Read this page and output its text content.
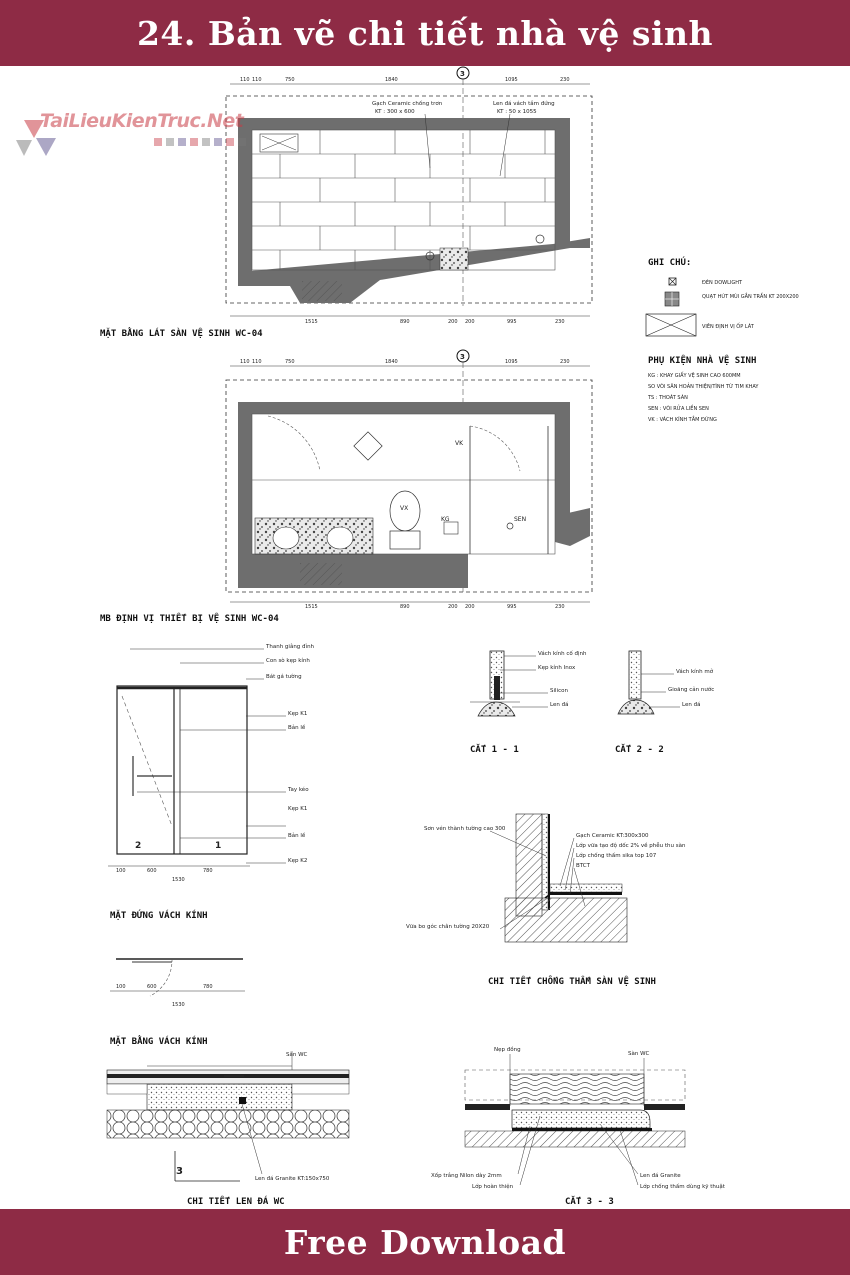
24. Bản vẽ chi tiết nhà vệ sinh
110 110	750	1840	1095	230
3
Gạch Ceramic chống trơn
KT : 300 x 600
Len đá vách tắm đứng
KT : 50 x 1055
1515	890	200 200	995	230
MẶT BẰNG LÁT SÀN VỆ SINH WC-04
GHI CHÚ:
ĐÈN DOWLIGHT
QUẠT HÚT MÙI GẮN TRẦN KT 200X200
VIÊN ĐỊNH VỊ ỐP LÁT
PHỤ KIỆN NHÀ VỆ SINH
KG : KHAY GIẤY VỆ SINH CAO 600MM
SO VÒI SÂN HOẢN THIỆN/TÌNH TỪ TIM KHAY
TS : THOÁT SÀN
SEN : VÒI RỬA LIỀN SEN
VK : VÁCH KÍNH TẮM ĐỨNG
110 110	750	1840	1095	230
3
VK
KG	SEN
VX
1515	890	200 200	995	230
MB ĐỊNH VỊ THIẾT BỊ VỆ SINH WC-04
100	600	780
1530
2	1
Thanh giằng đỉnh
Con sò kẹp kính
Bát gá tường
Kẹp K1
Bản lề
Tay kéo
Kẹp K1
Bản lề
Kẹp K2
MẶT ĐỨNG VÁCH KÍNH
100	600	780
1530
MẶT BẰNG VÁCH KÍNH
Vách kính cố định
Kẹp kính Inox
Silicon
Len đá
CẮT 1 - 1
Vách kính mở
Gioăng cản nước
Len đá
CẮT 2 - 2
Sơn vén thành tường cao 300
Gạch Ceramic KT:300x300
Lớp vữa tạo độ dốc 2% về phễu thu sàn
Lớp chống thấm sika top 107
BTCT
Vữa bo góc chân tường 20X20
CHI TIẾT CHỐNG THẤM SÀN VỆ SINH
Sàn WC
Len đá Granite KT:150x750
3
CHI TIẾT LEN ĐÁ WC
Nẹp đồng
Sàn WC
Xốp trắng Nilon dày 2mm
Lớp hoàn thiện
Len đá Granite
Lớp chống thấm dùng kỹ thuật
CẮT 3 - 3
TaiLieuKienTruc.Net
Free Download
